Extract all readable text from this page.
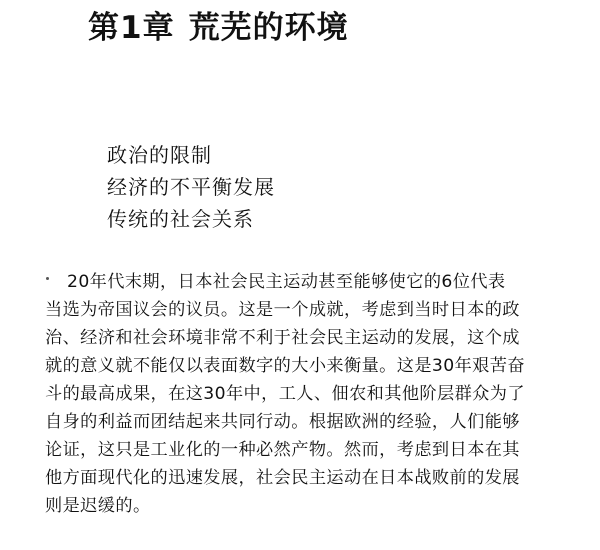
第1章 荒芜的环境
政治的限制
经济的不平衡发展
传统的社会关系

20年代末期，日本社会民主运动甚至能够使它的6位代表
当选为帝国议会的议员。这是一个成就，考虑到当时日本的政
治、经济和社会环境非常不利于社会民主运动的发展，这个成
就的意义就不能仅以表面数字的大小来衡量。这是30年艰苦奋
斗的最高成果，在这30年中，工人、佃农和其他阶层群众为了
自身的利益而团结起来共同行动。根据欧洲的经验，人们能够
论证，这只是工业化的一种必然产物。然而，考虑到日本在其
他方面现代化的迅速发展，社会民主运动在日本战败前的发展
则是迟缓的。
